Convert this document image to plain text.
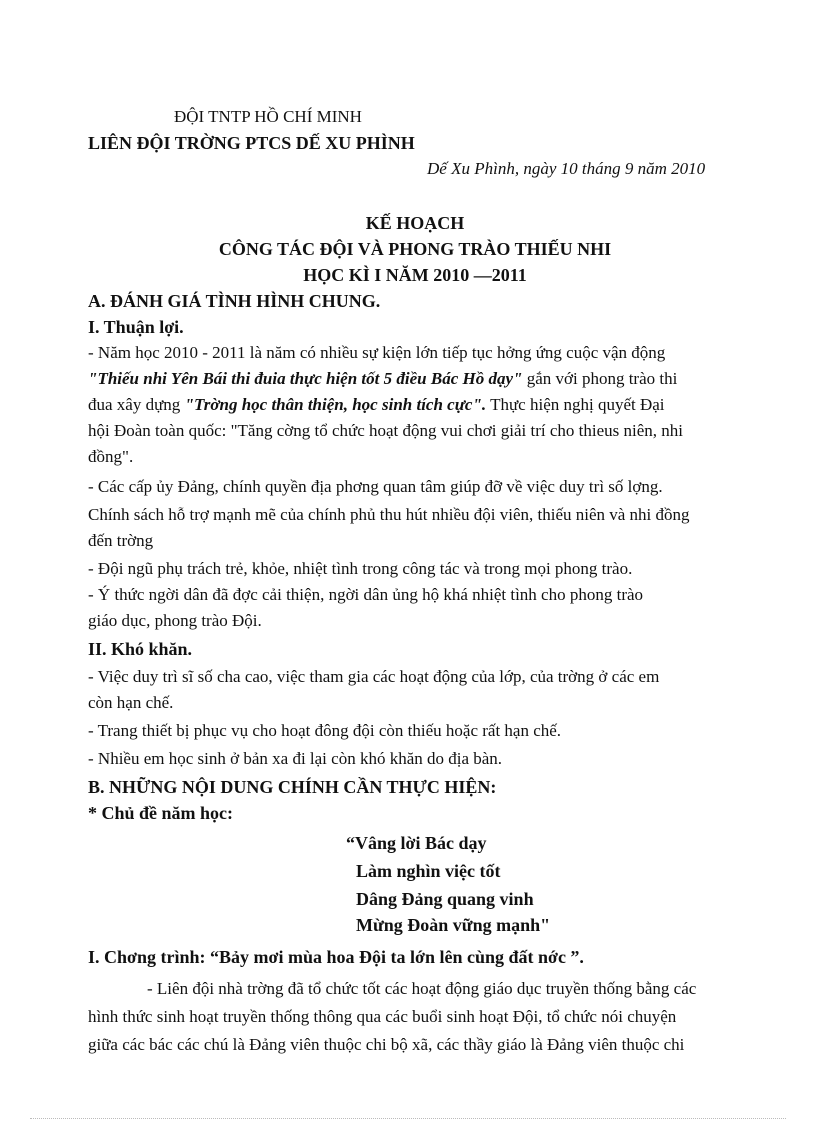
ĐỘI TNTP HỒ CHÍ MINH
LIÊN ĐỘI TRỜNG PTCS DẾ XU PHÌNH
Dế Xu Phình, ngày 10 tháng 9 năm 2010
KẾ HOẠCH
CÔNG TÁC ĐỘI VÀ PHONG TRÀO THIẾU NHI
HỌC KÌ I NĂM 2010 —2011
A. ĐÁNH GIÁ TÌNH HÌNH CHUNG.
I. Thuận lợi.
- Năm học 2010 - 2011 là năm có nhiều sự kiện lớn tiếp tục hởng ứng cuộc vận động
"Thiếu nhi Yên Bái thi đuia thực hiện tốt 5 điều Bác Hồ dạy" gắn với phong trào thi
đua xây dựng "Trờng học thân thiện, học sinh tích cực". Thực hiện nghị quyết Đại
hội Đoàn toàn quốc: "Tăng cờng tổ chức hoạt động vui chơi giải trí cho thieus niên, nhi
đồng".
- Các cấp ủy Đảng, chính quyền địa phơng quan tâm giúp đỡ về việc duy trì số lợng.
Chính sách hỗ trợ mạnh mẽ của chính phủ thu hút nhiều đội viên, thiếu niên và nhi đồng
đến trờng
- Đội ngũ phụ trách trẻ, khỏe, nhiệt tình trong công tác và trong mọi phong trào.
- Ý thức ngời dân đã đợc cải thiện, ngời dân ủng hộ khá nhiệt tình cho phong trào
giáo dục, phong trào Đội.
II. Khó khăn.
- Việc duy trì sĩ số cha cao, việc tham gia các hoạt động của lớp, của trờng ở các em
còn hạn chế.
- Trang thiết bị phục vụ cho hoạt đông đội còn thiếu hoặc rất hạn chế.
- Nhiều em học sinh ở bản xa đi lại còn khó khăn do địa bàn.
B. NHỮNG NỘI DUNG CHÍNH CẦN THỰC HIỆN:
* Chủ đề năm học:
“Vâng lời Bác dạy
Làm nghìn việc tốt
Dâng Đảng quang vinh
Mừng Đoàn vững mạnh"
I. Chơng trình: “Bảy mơi mùa hoa Đội ta lớn lên cùng đất nớc ”.
- Liên đội nhà trờng đã tổ chức tốt các hoạt động giáo dục truyền thống bằng các
hình thức sinh hoạt truyền thống thông qua các buổi sinh hoạt Đội, tổ chức nói chuyện
giữa các bác các chú là Đảng viên thuộc chi bộ xã, các thầy giáo là Đảng viên thuộc chi
